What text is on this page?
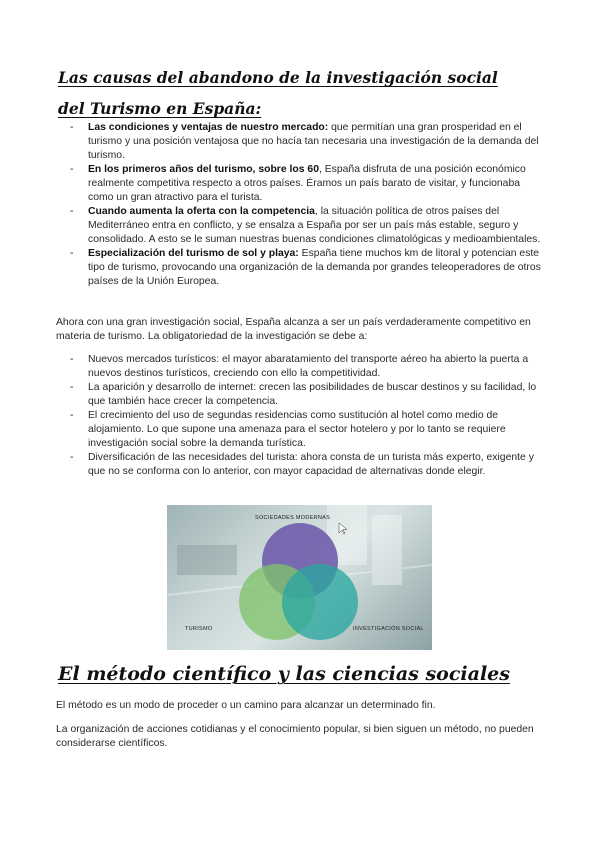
Las causas del abandono de la investigación social del Turismo en España:
- Las condiciones y ventajas de nuestro mercado: que permitían una gran prosperidad en el turismo y una posición ventajosa que no hacía tan necesaria una investigación de la demanda del turismo.
- En los primeros años del turismo, sobre los 60, España disfruta de una posición económico realmente competitiva respecto a otros países. Éramos un país barato de visitar, y funcionaba como un gran atractivo para el turista.
- Cuando aumenta la oferta con la competencia, la situación política de otros países del Mediterráneo entra en conflicto, y se ensalza a España por ser un país más estable, seguro y consolidado. A esto se le suman nuestras buenas condiciones climatológicas y medioambientales.
- Especialización del turismo de sol y playa: España tiene muchos km de litoral y potencian este tipo de turismo, provocando una organización de la demanda por grandes teleoperadores de otros países de la Unión Europea.

Ahora con una gran investigación social, España alcanza a ser un país verdaderamente competitivo en materia de turismo. La obligatoriedad de la investigación se debe a:

- Nuevos mercados turísticos: el mayor abaratamiento del transporte aéreo ha abierto la puerta a nuevos destinos turísticos, creciendo con ello la competitividad.
- La aparición y desarrollo de internet: crecen las posibilidades de buscar destinos y su facilidad, lo que también hace crecer la competencia.
- El crecimiento del uso de segundas residencias como sustitución al hotel como medio de alojamiento. Lo que supone una amenaza para el sector hotelero y por lo tanto se requiere investigación social sobre la demanda turística.
- Diversificación de las necesidades del turista: ahora consta de un turista más experto, exigente y que no se conforma con lo anterior, con mayor capacidad de alternativas donde elegir.
SOCIEDADES MODERNAS
TURISMO	INVESTIGACIÓN SOCIAL
El método científico y las ciencias sociales

El método es un modo de proceder o un camino para alcanzar un determinado fin.

La organización de acciones cotidianas y el conocimiento popular, si bien siguen un método, no pueden considerarse científicos.
